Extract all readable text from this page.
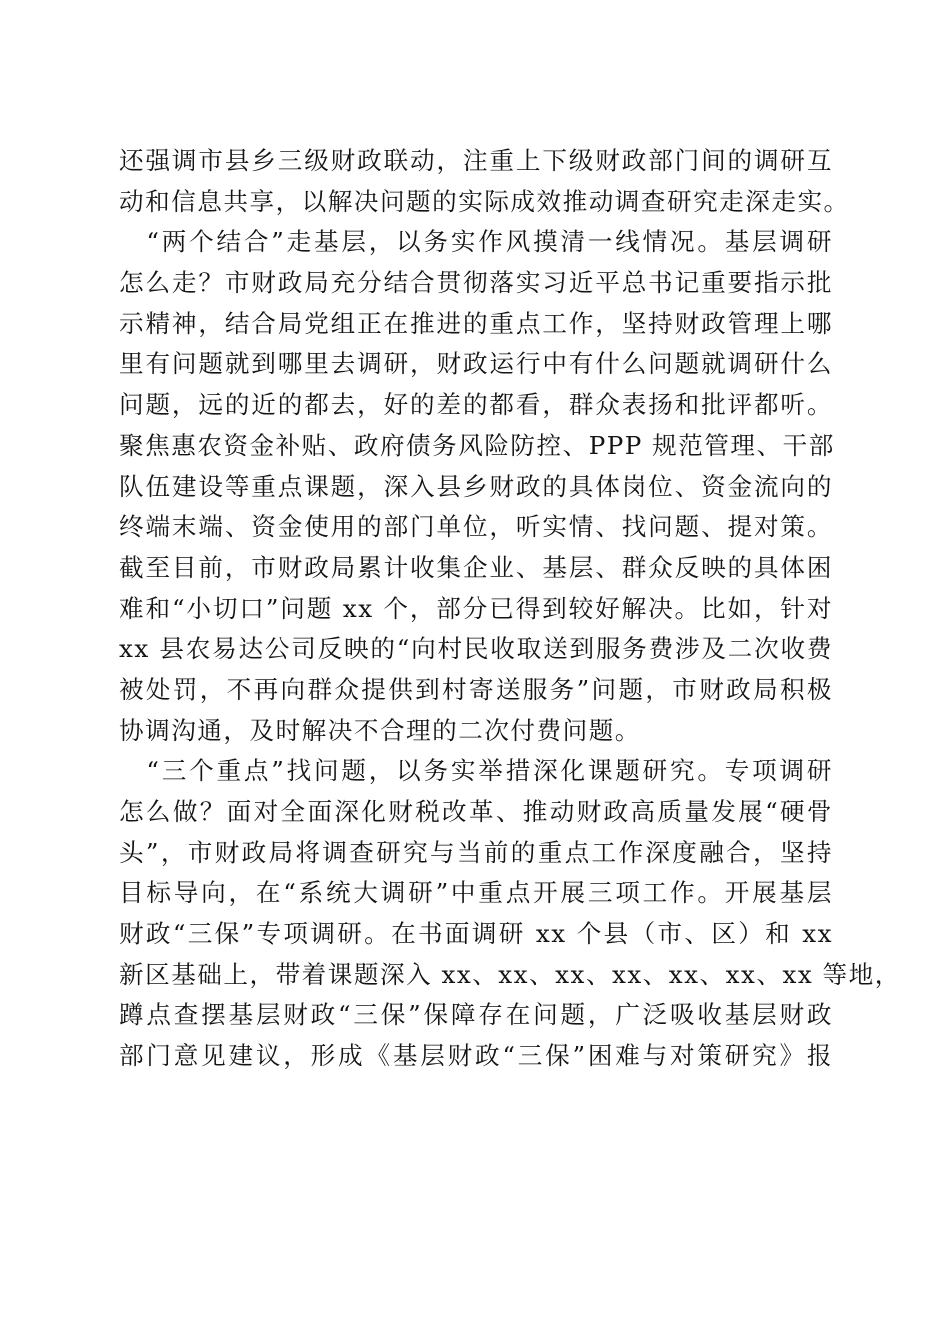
还强调市县乡三级财政联动，注重上下级财政部门间的调研互
动和信息共享，以解决问题的实际成效推动调查研究走深走实。
　“两个结合”走基层，以务实作风摸清一线情况。基层调研
怎么走？市财政局充分结合贯彻落实习近平总书记重要指示批
示精神，结合局党组正在推进的重点工作，坚持财政管理上哪
里有问题就到哪里去调研，财政运行中有什么问题就调研什么
问题，远的近的都去，好的差的都看，群众表扬和批评都听。
聚焦惠农资金补贴、政府债务风险防控、PPP 规范管理、干部
队伍建设等重点课题，深入县乡财政的具体岗位、资金流向的
终端末端、资金使用的部门单位，听实情、找问题、提对策。
截至目前，市财政局累计收集企业、基层、群众反映的具体困
难和“小切口”问题 xx 个，部分已得到较好解决。比如，针对
xx 县农易达公司反映的“向村民收取送到服务费涉及二次收费
被处罚，不再向群众提供到村寄送服务”问题，市财政局积极
协调沟通，及时解决不合理的二次付费问题。
　“三个重点”找问题，以务实举措深化课题研究。专项调研
怎么做？面对全面深化财税改革、推动财政高质量发展“硬骨
头”，市财政局将调查研究与当前的重点工作深度融合，坚持
目标导向，在“系统大调研”中重点开展三项工作。开展基层
财政“三保”专项调研。在书面调研 xx 个县（市、区）和 xx
新区基础上，带着课题深入 xx、xx、xx、xx、xx、xx、xx 等地，
蹲点查摆基层财政“三保”保障存在问题，广泛吸收基层财政
部门意见建议，形成《基层财政“三保”困难与对策研究》报
